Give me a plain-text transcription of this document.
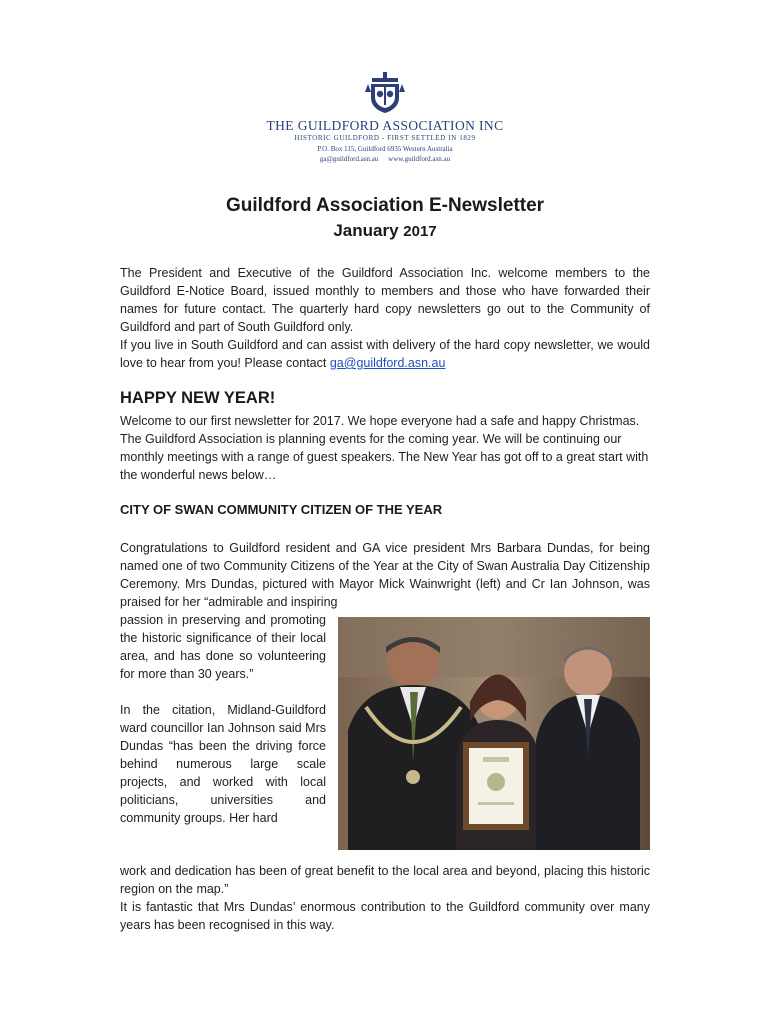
THE GUILDFORD ASSOCIATION INC
HISTORIC GUILDFORD - FIRST SETTLED IN 1829
P.O. Box 115, Guildford 6935 Western Australia
ga@guildford.asn.au www.guildford.asn.au
Guildford Association E-Newsletter
January 2017
The President and Executive of the Guildford Association Inc. welcome members to the Guildford E-Notice Board, issued monthly to members and those who have forwarded their names for future contact. The quarterly hard copy newsletters go out to the Community of Guildford and part of South Guildford only.
If you live in South Guildford and can assist with delivery of the hard copy newsletter, we would love to hear from you! Please contact ga@guildford.asn.au
HAPPY NEW YEAR!
Welcome to our first newsletter for 2017. We hope everyone had a safe and happy Christmas. The Guildford Association is planning events for the coming year. We will be continuing our monthly meetings with a range of guest speakers. The New Year has got off to a great start with the wonderful news below…
CITY OF SWAN COMMUNITY CITIZEN OF THE YEAR
Congratulations to Guildford resident and GA vice president Mrs Barbara Dundas, for being named one of two Community Citizens of the Year at the City of Swan Australia Day Citizenship Ceremony. Mrs Dundas, pictured with Mayor Mick Wainwright (left) and Cr Ian Johnson, was praised for her “admirable and inspiring

passion in preserving and promoting the historic significance of their local area, and has done so volunteering for more than 30 years.”

In the citation, Midland-Guildford ward councillor Ian Johnson said Mrs Dundas “has been the driving force behind numerous large scale projects, and worked with local politicians, universities and community groups. Her hard

work and dedication has been of great benefit to the local area and beyond, placing this historic region on the map.”
It is fantastic that Mrs Dundas’ enormous contribution to the Guildford community over many years has been recognised in this way.
